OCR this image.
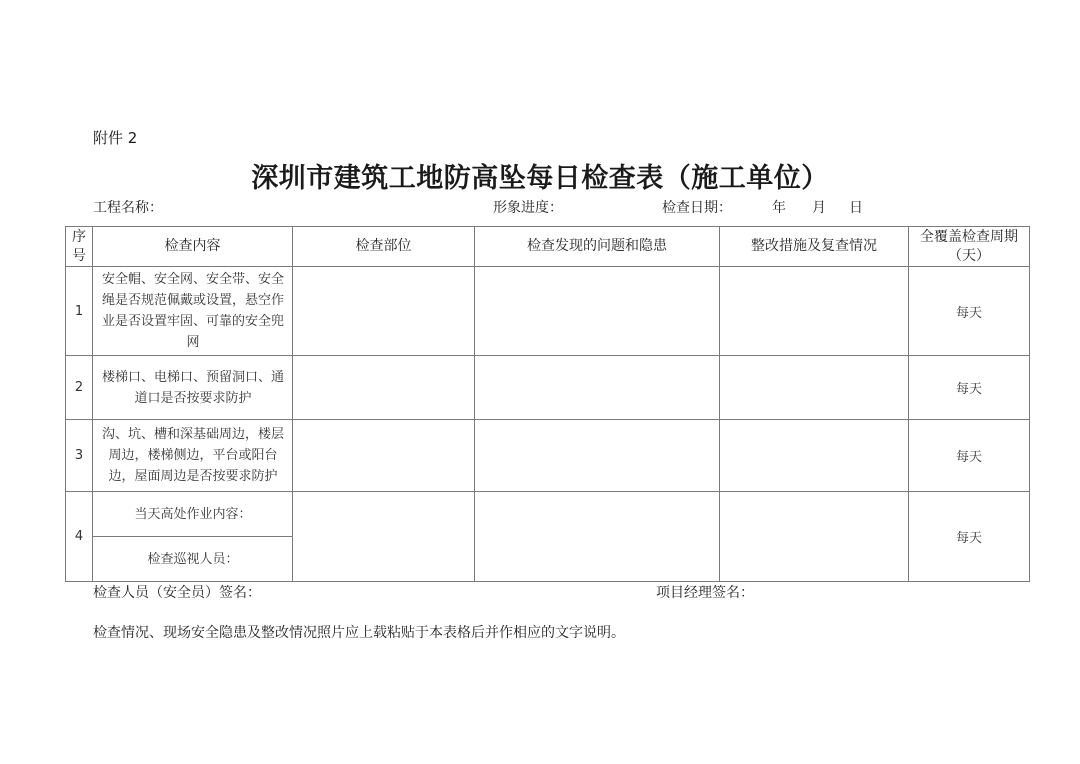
附件 2
深圳市建筑工地防高坠每日检查表（施工单位）
工程名称：	形象进度：	检查日期：	年 月 日
序号	检查内容	检查部位	检查发现的问题和隐患	整改措施及复查情况	全覆盖检查周期（天）
1	安全帽、安全网、安全带、安全绳是否规范佩戴或设置，悬空作业是否设置牢固、可靠的安全兜网				每天
2	楼梯口、电梯口、预留洞口、通道口是否按要求防护				每天
3	沟、坑、槽和深基础周边，楼层周边，楼梯侧边，平台或阳台边，屋面周边是否按要求防护				每天
4	当天高处作业内容：				每天
	检查巡视人员：				
检查人员（安全员）签名：	项目经理签名：
检查情况、现场安全隐患及整改情况照片应上载粘贴于本表格后并作相应的文字说明。
